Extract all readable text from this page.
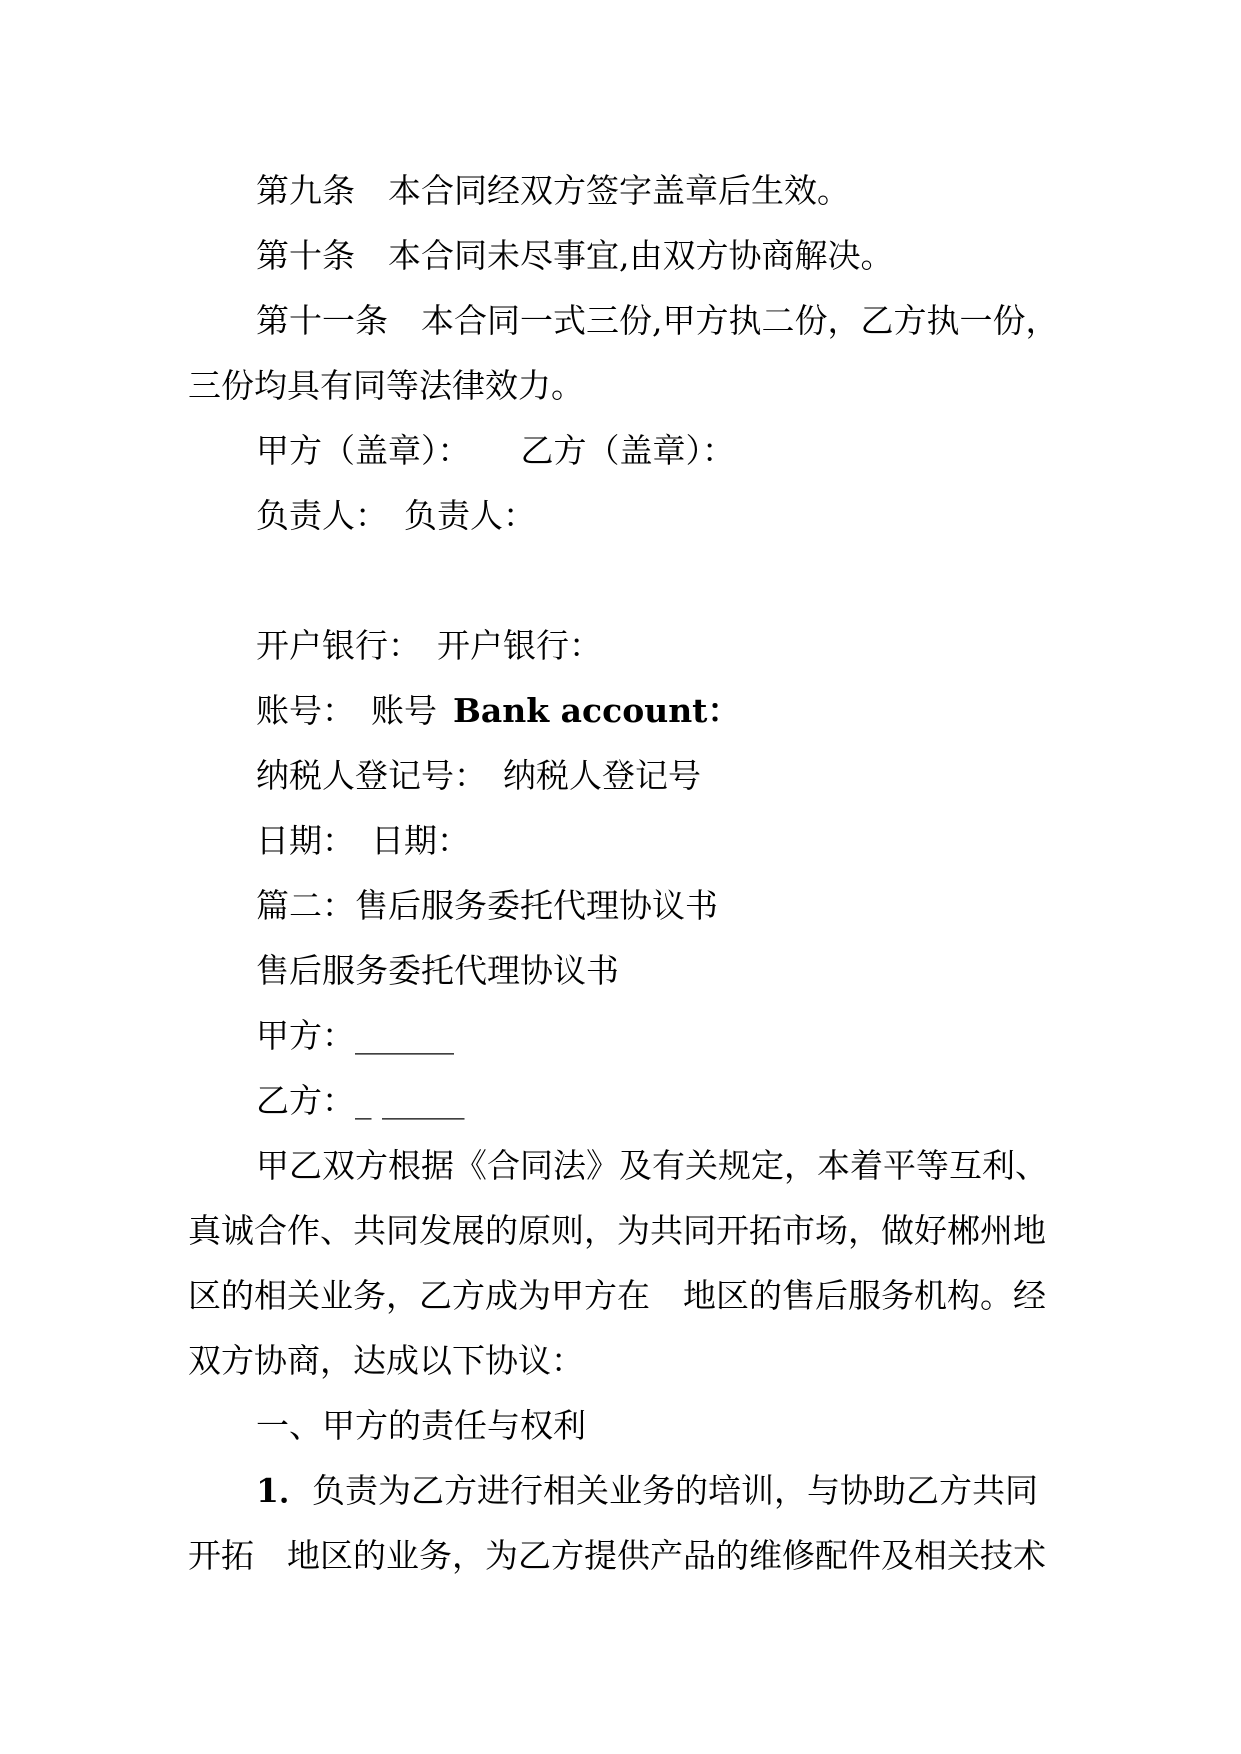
第九条 本合同经双方签字盖章后生效。

第十条 本合同未尽事宜,由双方协商解决。

第十一条 本合同一式三份,甲方执二份，乙方执一份，

三份均具有同等法律效力。

甲方（盖章）： 乙方（盖章）：

负责人： 负责人：

开户银行： 开户银行：

账号： 账号 Bank account：

纳税人登记号： 纳税人登记号

日期： 日期：

篇二：售后服务委托代理协议书

售后服务委托代理协议书

甲方：______

乙方：_ _____

甲乙双方根据《合同法》及有关规定，本着平等互利、

真诚合作、共同发展的原则，为共同开拓市场，做好郴州地

区的相关业务，乙方成为甲方在　地区的售后服务机构。经

双方协商，达成以下协议：

一、甲方的责任与权利

1．负责为乙方进行相关业务的培训，与协助乙方共同

开拓　地区的业务，为乙方提供产品的维修配件及相关技术
